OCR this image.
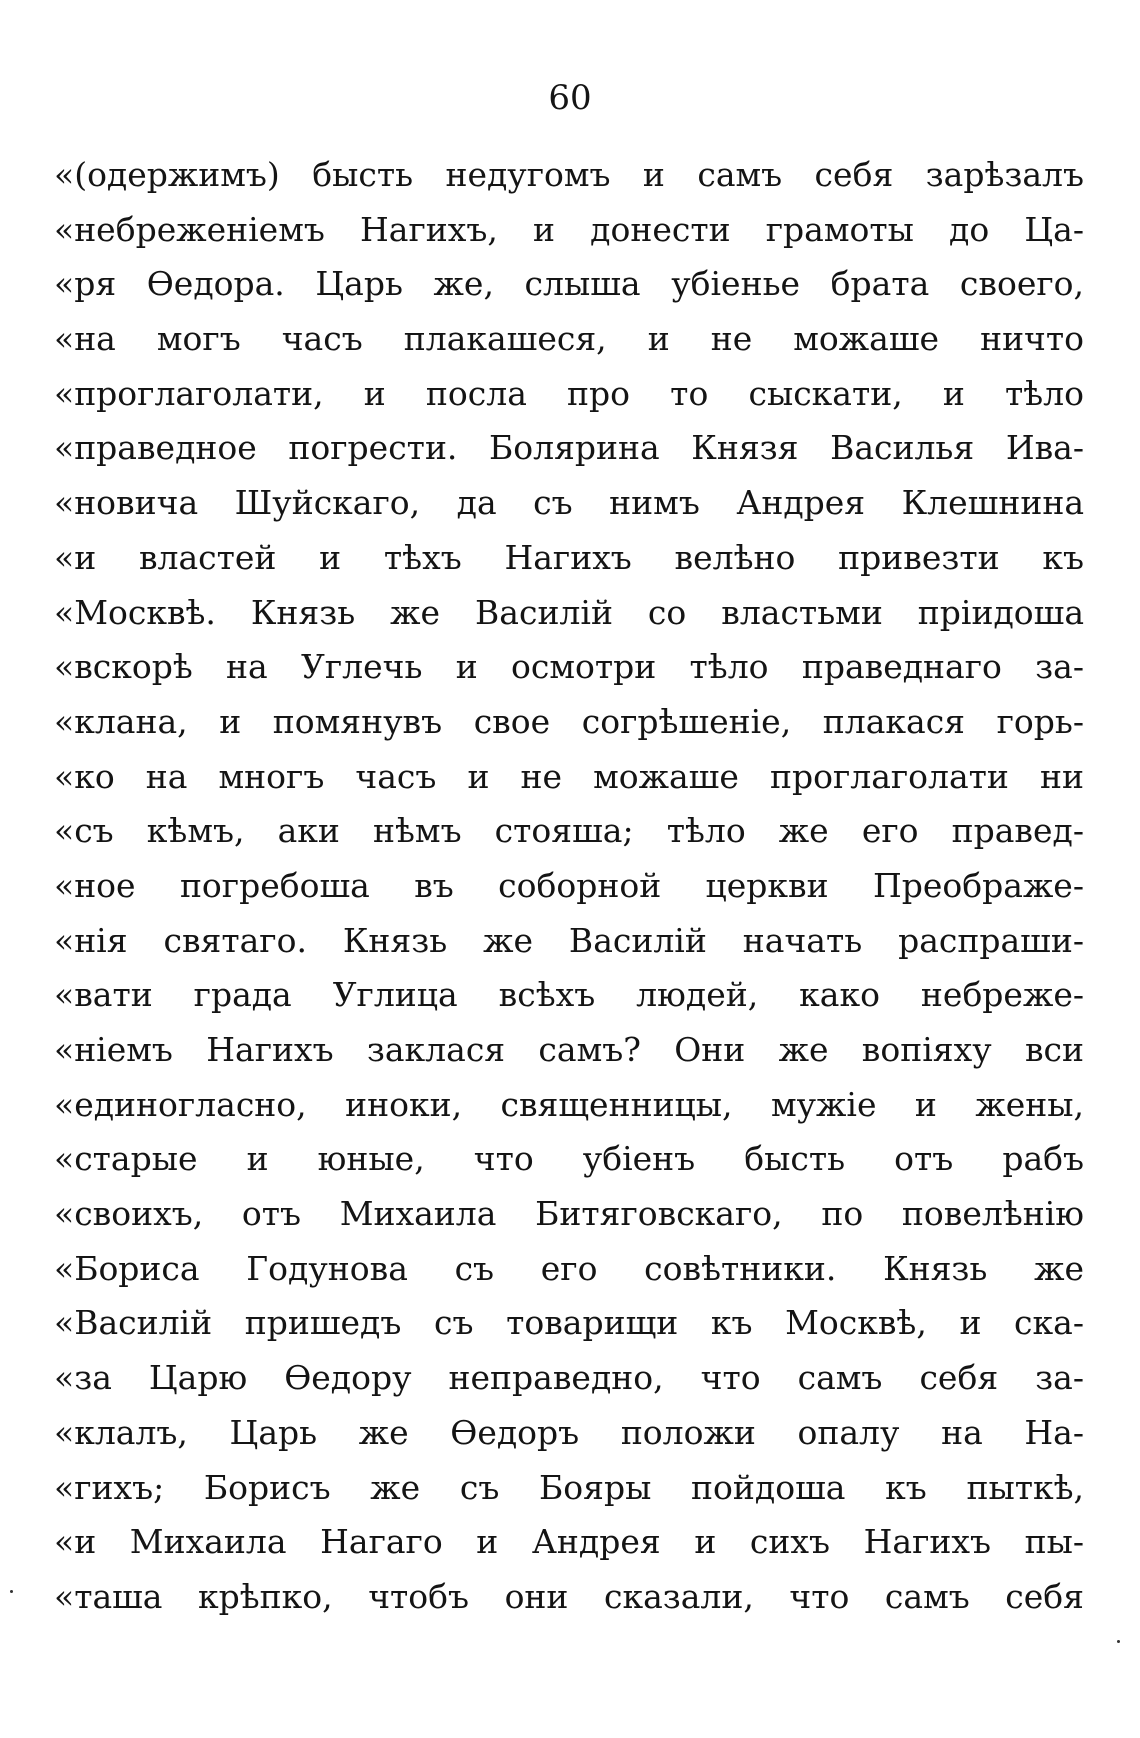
60
«(одержимъ) бысть недугомъ и самъ себя зарѣзалъ
«небреженіемъ Нагихъ, и донести грамоты до Ца-
«ря Өедора. Царь же, слыша убіенье брата своего,
«на могъ часъ плакашеся, и не можаше ничто
«проглаголати, и посла про то сыскати, и тѣло
«праведное погрести. Болярина Князя Василья Ива-
«новича Шуйскаго, да съ нимъ Андрея Клешнина
«и властей и тѣхъ Нагихъ велѣно привезти къ
«Москвѣ. Князь же Василій со властьми пріидоша
«вскорѣ на Углечь и осмотри тѣло праведнаго за-
«клана, и помянувъ свое согрѣшеніе, плакася горь-
«ко на многъ часъ и не можаше проглаголати ни
«съ кѣмъ, аки нѣмъ стояша; тѣло же его правед-
«ное погребоша въ соборной церкви Преображе-
«нія святаго. Князь же Василій начать распраши-
«вати града Углица всѣхъ людей, како небреже-
«ніемъ Нагихъ заклася самъ? Они же вопіяху вси
«единогласно, иноки, священницы, мужіе и жены,
«старые и юные, что убіенъ бысть отъ рабъ
«своихъ, отъ Михаила Битяговскаго, по повелѣнію
«Бориса Годунова съ его совѣтники. Князь же
«Василій пришедъ съ товарищи къ Москвѣ, и ска-
«за Царю Өедору неправедно, что самъ себя за-
«клалъ, Царь же Өедоръ положи опалу на На-
«гихъ; Борисъ же съ Бояры пойдоша къ пыткѣ,
«и Михаила Нагаго и Андрея и сихъ Нагихъ пы-
«таша крѣпко, чтобъ они сказали, что самъ себя
